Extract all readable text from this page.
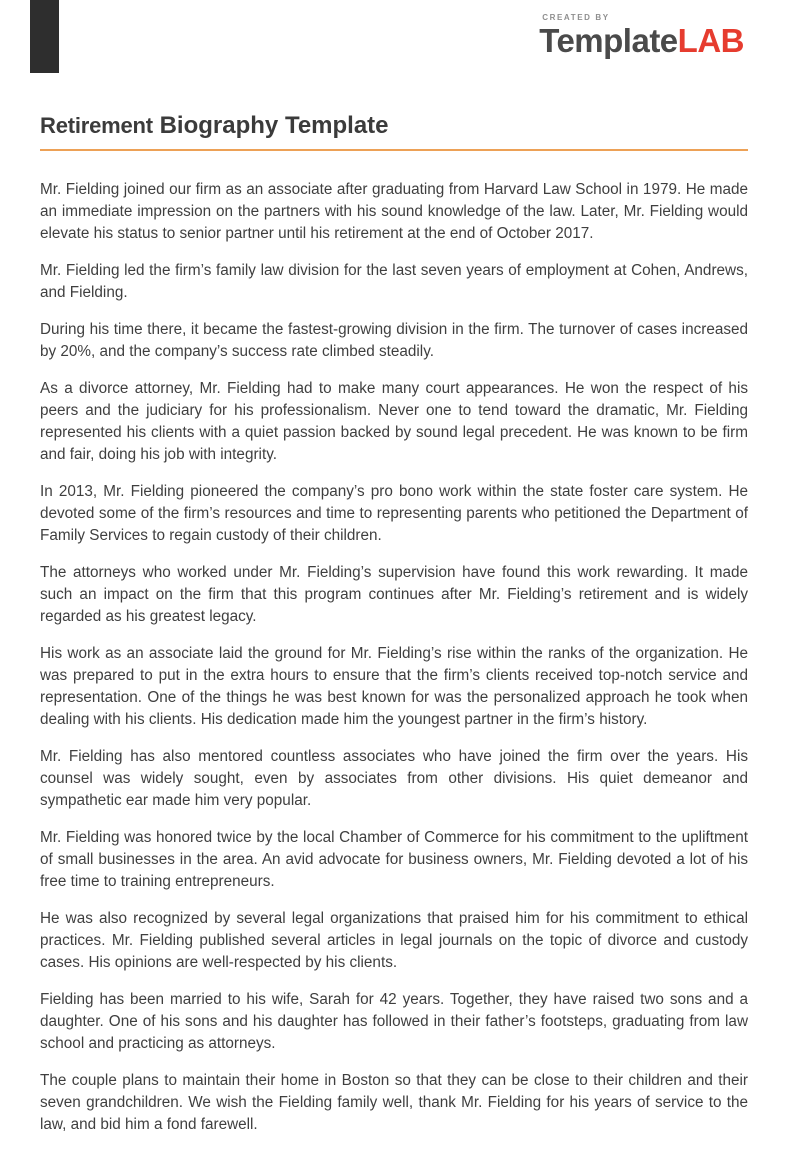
CREATED BY
TemplateLAB
Retirement Biography Template

Mr. Fielding joined our firm as an associate after graduating from Harvard Law School in 1979. He made an immediate impression on the partners with his sound knowledge of the law. Later, Mr. Fielding would elevate his status to senior partner until his retirement at the end of October 2017.

Mr. Fielding led the firm’s family law division for the last seven years of employment at Cohen, Andrews, and Fielding.

During his time there, it became the fastest-growing division in the firm. The turnover of cases increased by 20%, and the company’s success rate climbed steadily.

As a divorce attorney, Mr. Fielding had to make many court appearances. He won the respect of his peers and the judiciary for his professionalism. Never one to tend toward the dramatic, Mr. Fielding represented his clients with a quiet passion backed by sound legal precedent. He was known to be firm and fair, doing his job with integrity.

In 2013, Mr. Fielding pioneered the company’s pro bono work within the state foster care system. He devoted some of the firm’s resources and time to representing parents who petitioned the Department of Family Services to regain custody of their children.

The attorneys who worked under Mr. Fielding’s supervision have found this work rewarding. It made such an impact on the firm that this program continues after Mr. Fielding’s retirement and is widely regarded as his greatest legacy.

His work as an associate laid the ground for Mr. Fielding’s rise within the ranks of the organization. He was prepared to put in the extra hours to ensure that the firm’s clients received top-notch service and representation. One of the things he was best known for was the personalized approach he took when dealing with his clients. His dedication made him the youngest partner in the firm’s history.

Mr. Fielding has also mentored countless associates who have joined the firm over the years. His counsel was widely sought, even by associates from other divisions. His quiet demeanor and sympathetic ear made him very popular.

Mr. Fielding was honored twice by the local Chamber of Commerce for his commitment to the upliftment of small businesses in the area. An avid advocate for business owners, Mr. Fielding devoted a lot of his free time to training entrepreneurs.

He was also recognized by several legal organizations that praised him for his commitment to ethical practices. Mr. Fielding published several articles in legal journals on the topic of divorce and custody cases. His opinions are well-respected by his clients.

Fielding has been married to his wife, Sarah for 42 years. Together, they have raised two sons and a daughter. One of his sons and his daughter has followed in their father’s footsteps, graduating from law school and practicing as attorneys.

The couple plans to maintain their home in Boston so that they can be close to their children and their seven grandchildren. We wish the Fielding family well, thank Mr. Fielding for his years of service to the law, and bid him a fond farewell.
